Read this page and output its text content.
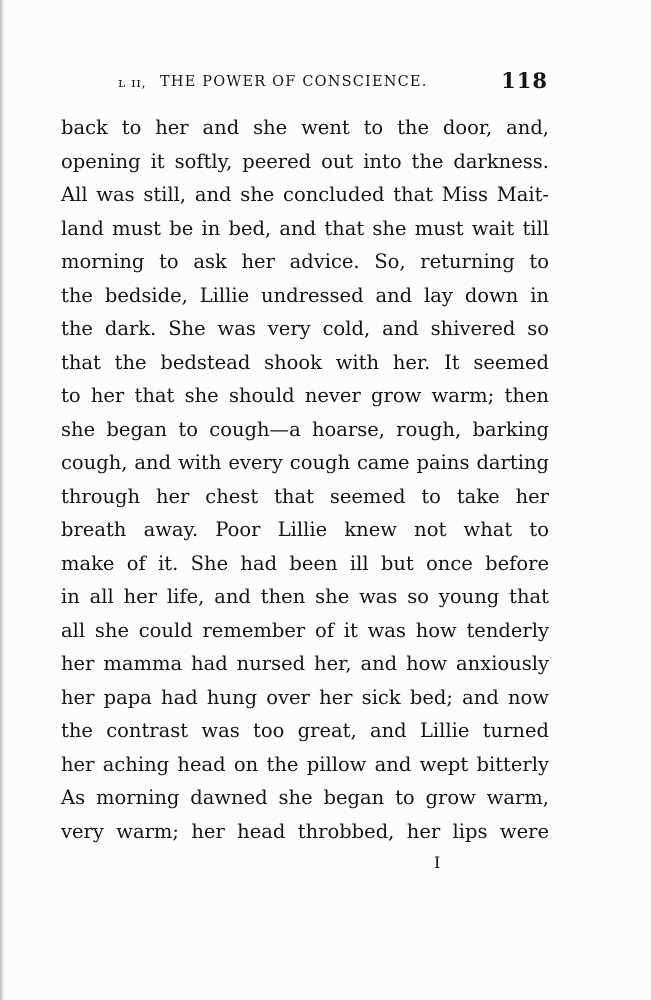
ʟ ɪɪ, THE POWER OF CONSCIENCE.	118
back to her and she went to the door, and,
opening it softly, peered out into the darkness.
All was still, and she concluded that Miss Mait-
land must be in bed, and that she must wait till
morning to ask her advice. So, returning to
the bedside, Lillie undressed and lay down in
the dark. She was very cold, and shivered so
that the bedstead shook with her. It seemed
to her that she should never grow warm; then
she began to cough—a hoarse, rough, barking
cough, and with every cough came pains darting
through her chest that seemed to take her
breath away. Poor Lillie knew not what to
make of it. She had been ill but once before
in all her life, and then she was so young that
all she could remember of it was how tenderly
her mamma had nursed her, and how anxiously
her papa had hung over her sick bed; and now
the contrast was too great, and Lillie turned
her aching head on the pillow and wept bitterly
As morning dawned she began to grow warm,
very warm; her head throbbed, her lips were
I
